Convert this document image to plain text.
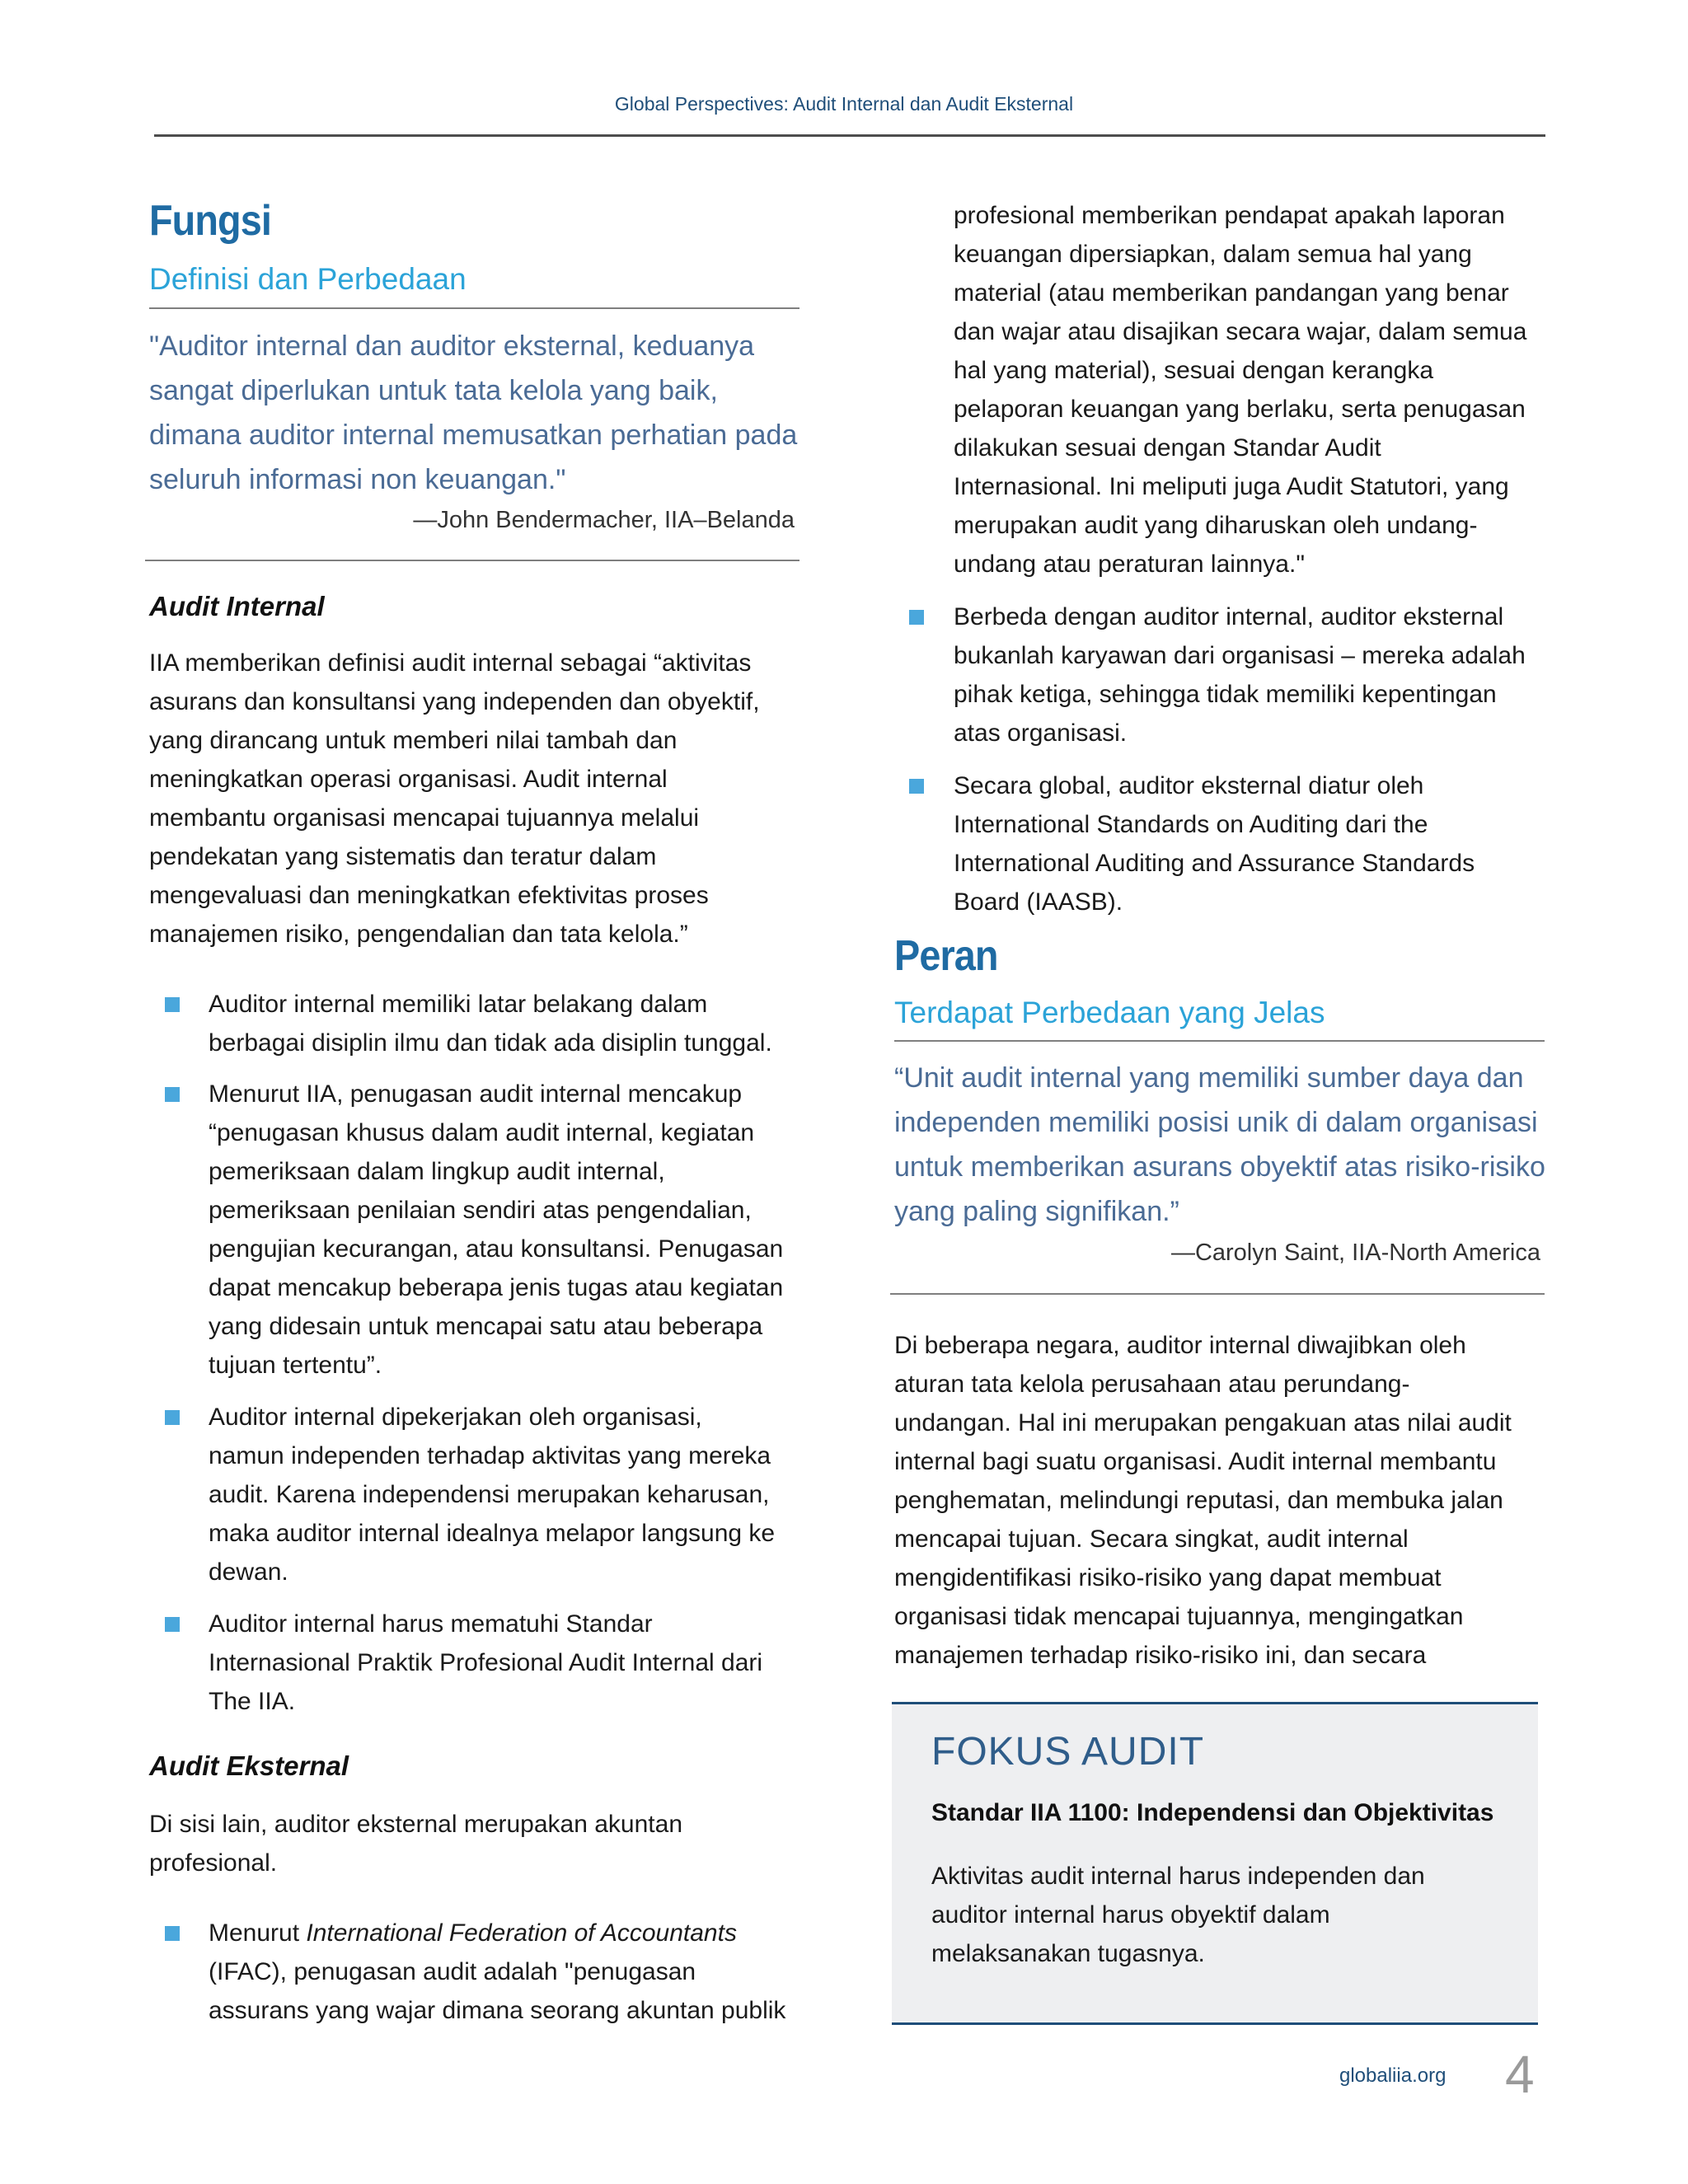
Global Perspectives: Audit Internal dan Audit Eksternal
Fungsi
Definisi dan Perbedaan
"Auditor internal dan auditor eksternal, keduanya
sangat diperlukan untuk tata kelola yang baik,
dimana auditor internal memusatkan perhatian pada
seluruh informasi non keuangan."
—John Bendermacher, IIA–Belanda
Audit Internal
IIA memberikan definisi audit internal sebagai “aktivitas
asurans dan konsultansi yang independen dan obyektif,
yang dirancang untuk memberi nilai tambah dan
meningkatkan operasi organisasi. Audit internal
membantu organisasi mencapai tujuannya melalui
pendekatan yang sistematis dan teratur dalam
mengevaluasi dan meningkatkan efektivitas proses
manajemen risiko, pengendalian dan tata kelola.”
Auditor internal memiliki latar belakang dalam
berbagai disiplin ilmu dan tidak ada disiplin tunggal.
Menurut IIA, penugasan audit internal mencakup
“penugasan khusus dalam audit internal, kegiatan
pemeriksaan dalam lingkup audit internal,
pemeriksaan penilaian sendiri atas pengendalian,
pengujian kecurangan, atau konsultansi. Penugasan
dapat mencakup beberapa jenis tugas atau kegiatan
yang didesain untuk mencapai satu atau beberapa
tujuan tertentu”.
Auditor internal dipekerjakan oleh organisasi,
namun independen terhadap aktivitas yang mereka
audit. Karena independensi merupakan keharusan,
maka auditor internal idealnya melapor langsung ke
dewan.
Auditor internal harus mematuhi Standar
Internasional Praktik Profesional Audit Internal dari
The IIA.
Audit Eksternal
Di sisi lain, auditor eksternal merupakan akuntan
profesional.
Menurut International Federation of Accountants
(IFAC), penugasan audit adalah "penugasan
assurans yang wajar dimana seorang akuntan publik
profesional memberikan pendapat apakah laporan
keuangan dipersiapkan, dalam semua hal yang
material (atau memberikan pandangan yang benar
dan wajar atau disajikan secara wajar, dalam semua
hal yang material), sesuai dengan kerangka
pelaporan keuangan yang berlaku, serta penugasan
dilakukan sesuai dengan Standar Audit
Internasional. Ini meliputi juga Audit Statutori, yang
merupakan audit yang diharuskan oleh undang-
undang atau peraturan lainnya."
Berbeda dengan auditor internal, auditor eksternal
bukanlah karyawan dari organisasi – mereka adalah
pihak ketiga, sehingga tidak memiliki kepentingan
atas organisasi.
Secara global, auditor eksternal diatur oleh
International Standards on Auditing dari the
International Auditing and Assurance Standards
Board (IAASB).
Peran
Terdapat Perbedaan yang Jelas
“Unit audit internal yang memiliki sumber daya dan
independen memiliki posisi unik di dalam organisasi
untuk memberikan asurans obyektif atas risiko-risiko
yang paling signifikan.”
—Carolyn Saint, IIA-North America
Di beberapa negara, auditor internal diwajibkan oleh
aturan tata kelola perusahaan atau perundang-
undangan. Hal ini merupakan pengakuan atas nilai audit
internal bagi suatu organisasi. Audit internal membantu
penghematan, melindungi reputasi, dan membuka jalan
mencapai tujuan. Secara singkat, audit internal
mengidentifikasi risiko-risiko yang dapat membuat
organisasi tidak mencapai tujuannya, mengingatkan
manajemen terhadap risiko-risiko ini, dan secara
FOKUS AUDIT
Standar IIA 1100: Independensi dan Objektivitas
Aktivitas audit internal harus independen dan
auditor internal harus obyektif dalam
melaksanakan tugasnya.
globaliia.org 4
